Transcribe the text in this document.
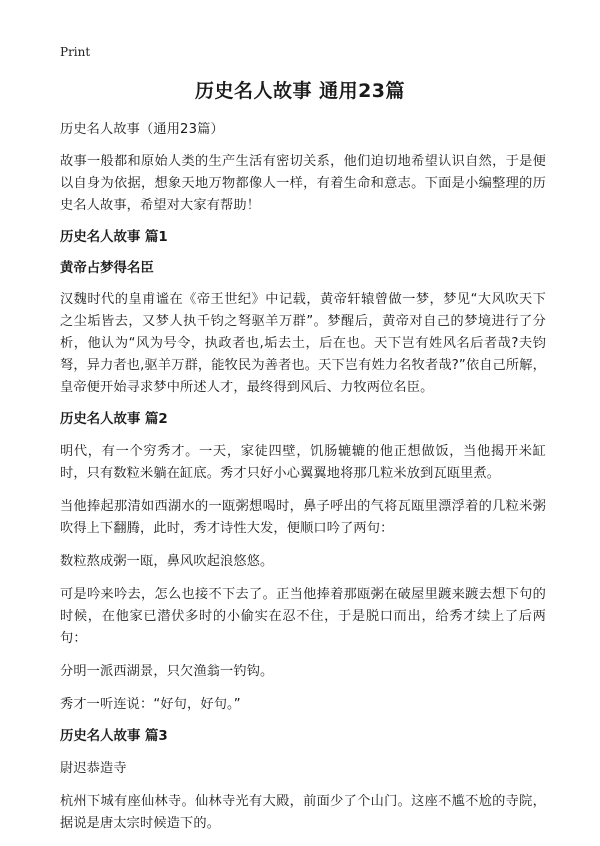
Print
历史名人故事 通用23篇
历史名人故事（通用23篇）
故事一般都和原始人类的生产生活有密切关系，他们迫切地希望认识自然，于是便以自身为依据，想象天地万物都像人一样，有着生命和意志。下面是小编整理的历史名人故事，希望对大家有帮助！
历史名人故事 篇1
黄帝占梦得名臣
汉魏时代的皇甫谧在《帝王世纪》中记载，黄帝轩辕曾做一梦，梦见“大风吹天下之尘垢皆去，又梦人执千钧之弩驱羊万群”。梦醒后，黄帝对自己的梦境进行了分析，他认为“风为号令，执政者也,垢去土，后在也。天下岂有姓风名后者哉?夫钧弩，异力者也,驱羊万群，能牧民为善者也。天下岂有姓力名牧者哉?”依自己所解，皇帝便开始寻求梦中所述人才，最终得到风后、力牧两位名臣。
历史名人故事 篇2
明代，有一个穷秀才。一天，家徒四壁，饥肠辘辘的他正想做饭，当他揭开米缸时，只有数粒米躺在缸底。秀才只好小心翼翼地将那几粒米放到瓦瓯里煮。
当他捧起那清如西湖水的一瓯粥想喝时，鼻子呼出的气将瓦瓯里漂浮着的几粒米粥吹得上下翻腾，此时，秀才诗性大发，便顺口吟了两句：
数粒熬成粥一瓯，鼻风吹起浪悠悠。
可是吟来吟去，怎么也接不下去了。正当他捧着那瓯粥在破屋里踱来踱去想下句的时候，在他家已潜伏多时的小偷实在忍不住，于是脱口而出，给秀才续上了后两句：
分明一派西湖景，只欠渔翁一钓钩。
秀才一听连说：“好句，好句。”
历史名人故事 篇3
尉迟恭造寺
杭州下城有座仙林寺。仙林寺光有大殿，前面少了个山门。这座不尴不尬的寺院，据说是唐太宗时候造下的。
